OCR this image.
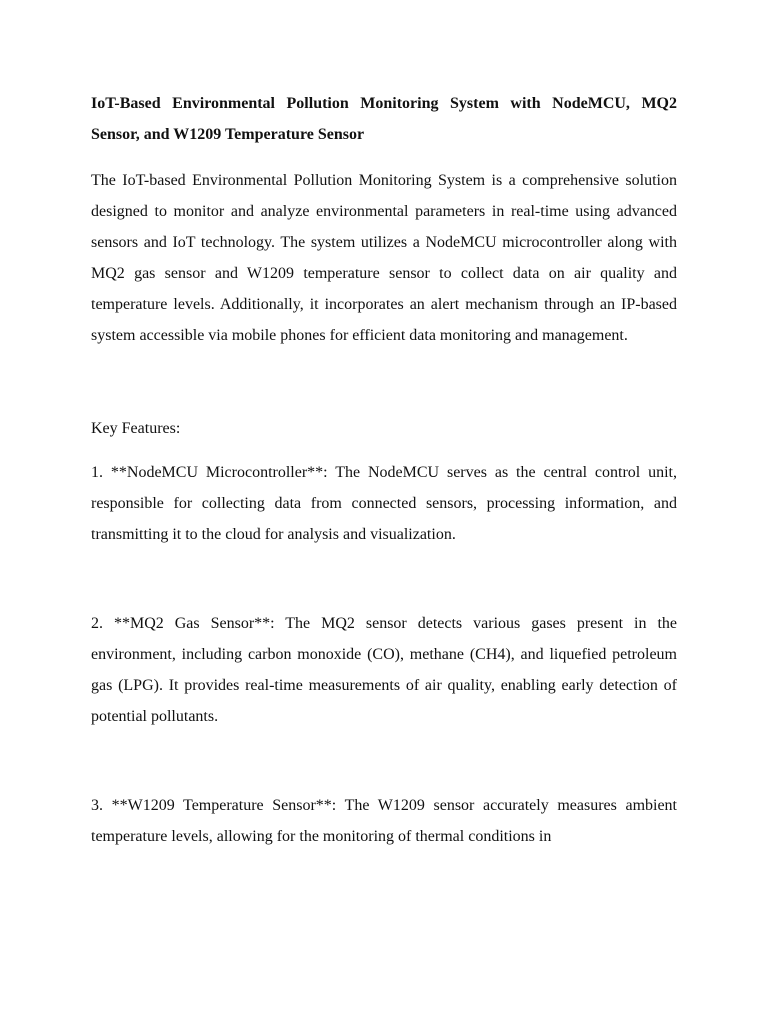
IoT-Based Environmental Pollution Monitoring System with NodeMCU, MQ2 Sensor, and W1209 Temperature Sensor

The IoT-based Environmental Pollution Monitoring System is a comprehensive solution designed to monitor and analyze environmental parameters in real-time using advanced sensors and IoT technology. The system utilizes a NodeMCU microcontroller along with MQ2 gas sensor and W1209 temperature sensor to collect data on air quality and temperature levels. Additionally, it incorporates an alert mechanism through an IP-based system accessible via mobile phones for efficient data monitoring and management.

Key Features:

1. **NodeMCU Microcontroller**: The NodeMCU serves as the central control unit, responsible for collecting data from connected sensors, processing information, and transmitting it to the cloud for analysis and visualization.

2. **MQ2 Gas Sensor**: The MQ2 sensor detects various gases present in the environment, including carbon monoxide (CO), methane (CH4), and liquefied petroleum gas (LPG). It provides real-time measurements of air quality, enabling early detection of potential pollutants.

3. **W1209 Temperature Sensor**: The W1209 sensor accurately measures ambient temperature levels, allowing for the monitoring of thermal conditions in
